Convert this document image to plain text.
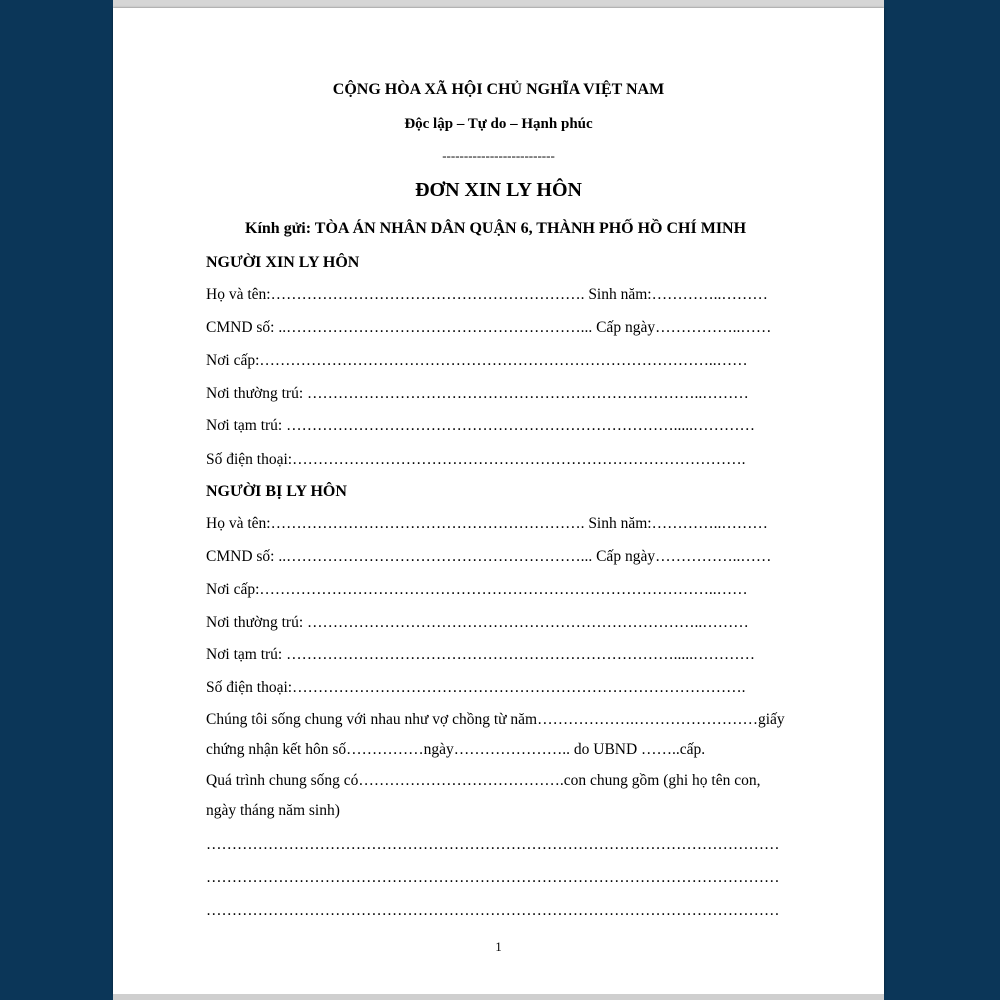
CỘNG HÒA XÃ HỘI CHỦ NGHĨA VIỆT NAM
Độc lập – Tự do – Hạnh phúc
--------------------------
ĐƠN XIN LY HÔN
Kính gửi: TÒA ÁN NHÂN DÂN QUẬN 6, THÀNH PHỐ HỒ CHÍ MINH
NGƯỜI XIN LY HÔN
Họ và tên:……………………………………………………. Sinh năm:…………..………
CMND số: ..…………………………………………………... Cấp ngày……………..……
Nơi cấp:……………………………………………………………………………..……
Nơi thường trú: …………………………………………………………………..………
Nơi tạm trú: ………………………………………………………………….....…………
Số điện thoại:…………………………………………………………………………….
NGƯỜI BỊ LY HÔN
Họ và tên:……………………………………………………. Sinh năm:…………..………
CMND số: ..…………………………………………………... Cấp ngày……………..……
Nơi cấp:……………………………………………………………………………..……
Nơi thường trú: …………………………………………………………………..………
Nơi tạm trú: ………………………………………………………………….....…………
Số điện thoại:…………………………………………………………………………….
Chúng tôi sống chung với nhau như vợ chồng từ năm……………….……………………giấy
chứng nhận kết hôn số……………ngày………………….. do UBND ……..cấp.
Quá trình chung sống có………………………………….con chung gồm (ghi họ tên con,
ngày tháng năm sinh)
…………………………………………………………………………………………………
…………………………………………………………………………………………………
…………………………………………………………………………………………………
1
